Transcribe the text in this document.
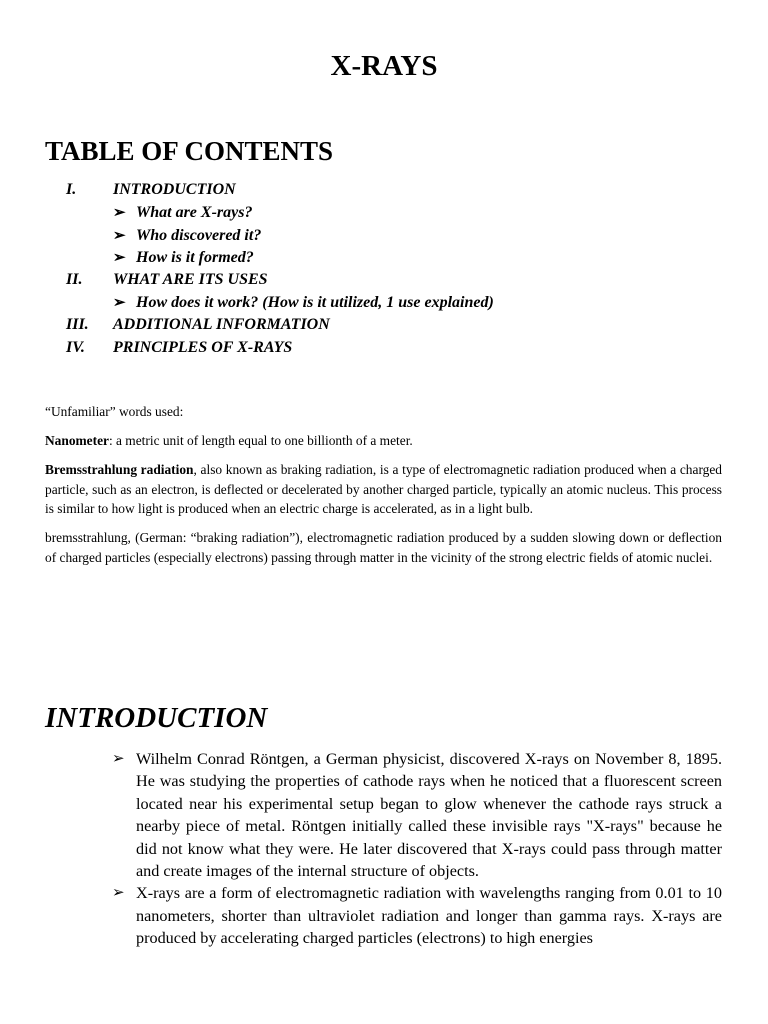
X-RAYS
TABLE OF CONTENTS
I. INTRODUCTION
➢ What are X-rays?
➢ Who discovered it?
➢ How is it formed?
II. WHAT ARE ITS USES
➢ How does it work? (How is it utilized, 1 use explained)
III. ADDITIONAL INFORMATION
IV. PRINCIPLES OF X-RAYS

“Unfamiliar” words used:

Nanometer: a metric unit of length equal to one billionth of a meter.

Bremsstrahlung radiation, also known as braking radiation, is a type of electromagnetic radiation produced when a charged particle, such as an electron, is deflected or decelerated by another charged particle, typically an atomic nucleus. This process is similar to how light is produced when an electric charge is accelerated, as in a light bulb.

bremsstrahlung, (German: “braking radiation”), electromagnetic radiation produced by a sudden slowing down or deflection of charged particles (especially electrons) passing through matter in the vicinity of the strong electric fields of atomic nuclei.

INTRODUCTION
➢ Wilhelm Conrad Röntgen, a German physicist, discovered X-rays on November 8, 1895. He was studying the properties of cathode rays when he noticed that a fluorescent screen located near his experimental setup began to glow whenever the cathode rays struck a nearby piece of metal. Röntgen initially called these invisible rays "X-rays" because he did not know what they were. He later discovered that X-rays could pass through matter and create images of the internal structure of objects.
➢ X-rays are a form of electromagnetic radiation with wavelengths ranging from 0.01 to 10 nanometers, shorter than ultraviolet radiation and longer than gamma rays. X-rays are produced by accelerating charged particles (electrons) to high energies
